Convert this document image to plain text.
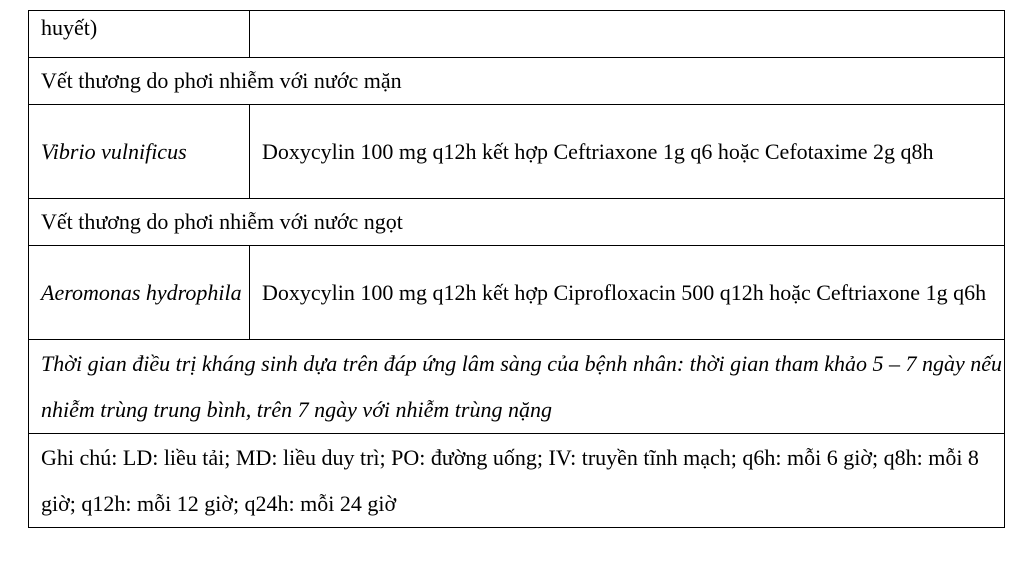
huyết)	

Vết thương do phơi nhiễm với nước mặn	

Vibrio vulnificus	Doxycylin 100 mg q12h kết hợp Ceftriaxone 1g q6 hoặc Cefotaxime 2g q8h

Vết thương do phơi nhiễm với nước ngọt	

Aeromonas hydrophila	Doxycylin 100 mg q12h kết hợp Ciprofloxacin 500 q12h hoặc Ceftriaxone 1g q6h

Thời gian điều trị kháng sinh dựa trên đáp ứng lâm sàng của bệnh nhân: thời gian tham khảo 5 – 7 ngày nếu nhiễm trùng trung bình, trên 7 ngày với nhiễm trùng nặng	

Ghi chú: LD: liều tải; MD: liều duy trì; PO: đường uống; IV: truyền tĩnh mạch; q6h: mỗi 6 giờ; q8h: mỗi 8 giờ; q12h: mỗi 12 giờ; q24h: mỗi 24 giờ	
